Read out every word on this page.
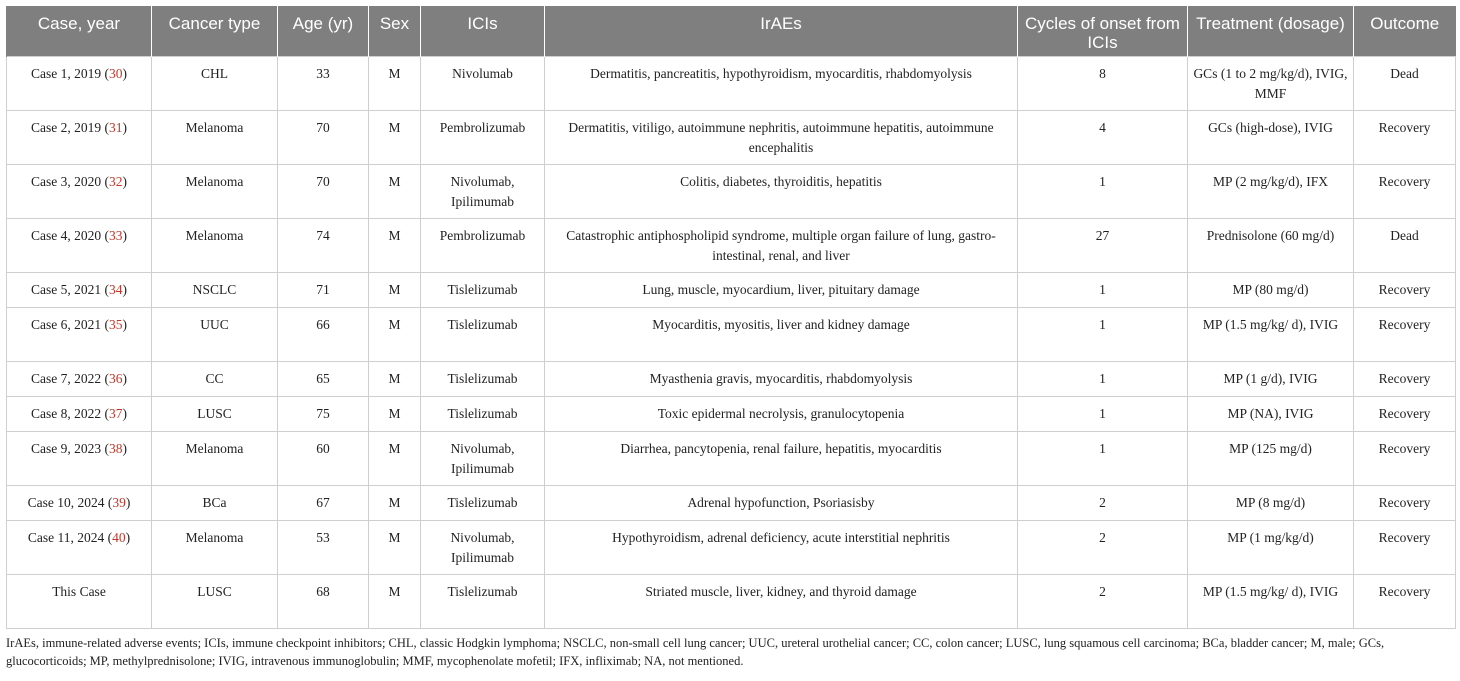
Case, year	Cancer type	Age (yr)	Sex	ICIs	IrAEs	Cycles of onset from ICIs	Treatment (dosage)	Outcome
Case 1, 2019 (30)	CHL	33	M	Nivolumab	Dermatitis, pancreatitis, hypothyroidism, myocarditis, rhabdomyolysis	8	GCs (1 to 2 mg/kg/d), IVIG, MMF	Dead
Case 2, 2019 (31)	Melanoma	70	M	Pembrolizumab	Dermatitis, vitiligo, autoimmune nephritis, autoimmune hepatitis, autoimmune encephalitis	4	GCs (high-dose), IVIG	Recovery
Case 3, 2020 (32)	Melanoma	70	M	Nivolumab, Ipilimumab	Colitis, diabetes, thyroiditis, hepatitis	1	MP (2 mg/kg/d), IFX	Recovery
Case 4, 2020 (33)	Melanoma	74	M	Pembrolizumab	Catastrophic antiphospholipid syndrome, multiple organ failure of lung, gastro-intestinal, renal, and liver	27	Prednisolone (60 mg/d)	Dead
Case 5, 2021 (34)	NSCLC	71	M	Tislelizumab	Lung, muscle, myocardium, liver, pituitary damage	1	MP (80 mg/d)	Recovery
Case 6, 2021 (35)	UUC	66	M	Tislelizumab	Myocarditis, myositis, liver and kidney damage	1	MP (1.5 mg/kg/ d), IVIG	Recovery
Case 7, 2022 (36)	CC	65	M	Tislelizumab	Myasthenia gravis, myocarditis, rhabdomyolysis	1	MP (1 g/d), IVIG	Recovery
Case 8, 2022 (37)	LUSC	75	M	Tislelizumab	Toxic epidermal necrolysis, granulocytopenia	1	MP (NA), IVIG	Recovery
Case 9, 2023 (38)	Melanoma	60	M	Nivolumab, Ipilimumab	Diarrhea, pancytopenia, renal failure, hepatitis, myocarditis	1	MP (125 mg/d)	Recovery
Case 10, 2024 (39)	BCa	67	M	Tislelizumab	Adrenal hypofunction, Psoriasisby	2	MP (8 mg/d)	Recovery
Case 11, 2024 (40)	Melanoma	53	M	Nivolumab, Ipilimumab	Hypothyroidism, adrenal deficiency, acute interstitial nephritis	2	MP (1 mg/kg/d)	Recovery
This Case	LUSC	68	M	Tislelizumab	Striated muscle, liver, kidney, and thyroid damage	2	MP (1.5 mg/kg/ d), IVIG	Recovery
IrAEs, immune-related adverse events; ICIs, immune checkpoint inhibitors; CHL, classic Hodgkin lymphoma; NSCLC, non-small cell lung cancer; UUC, ureteral urothelial cancer; CC, colon cancer; LUSC, lung squamous cell carcinoma; BCa, bladder cancer; M, male; GCs, glucocorticoids; MP, methylprednisolone; IVIG, intravenous immunoglobulin; MMF, mycophenolate mofetil; IFX, infliximab; NA, not mentioned.
